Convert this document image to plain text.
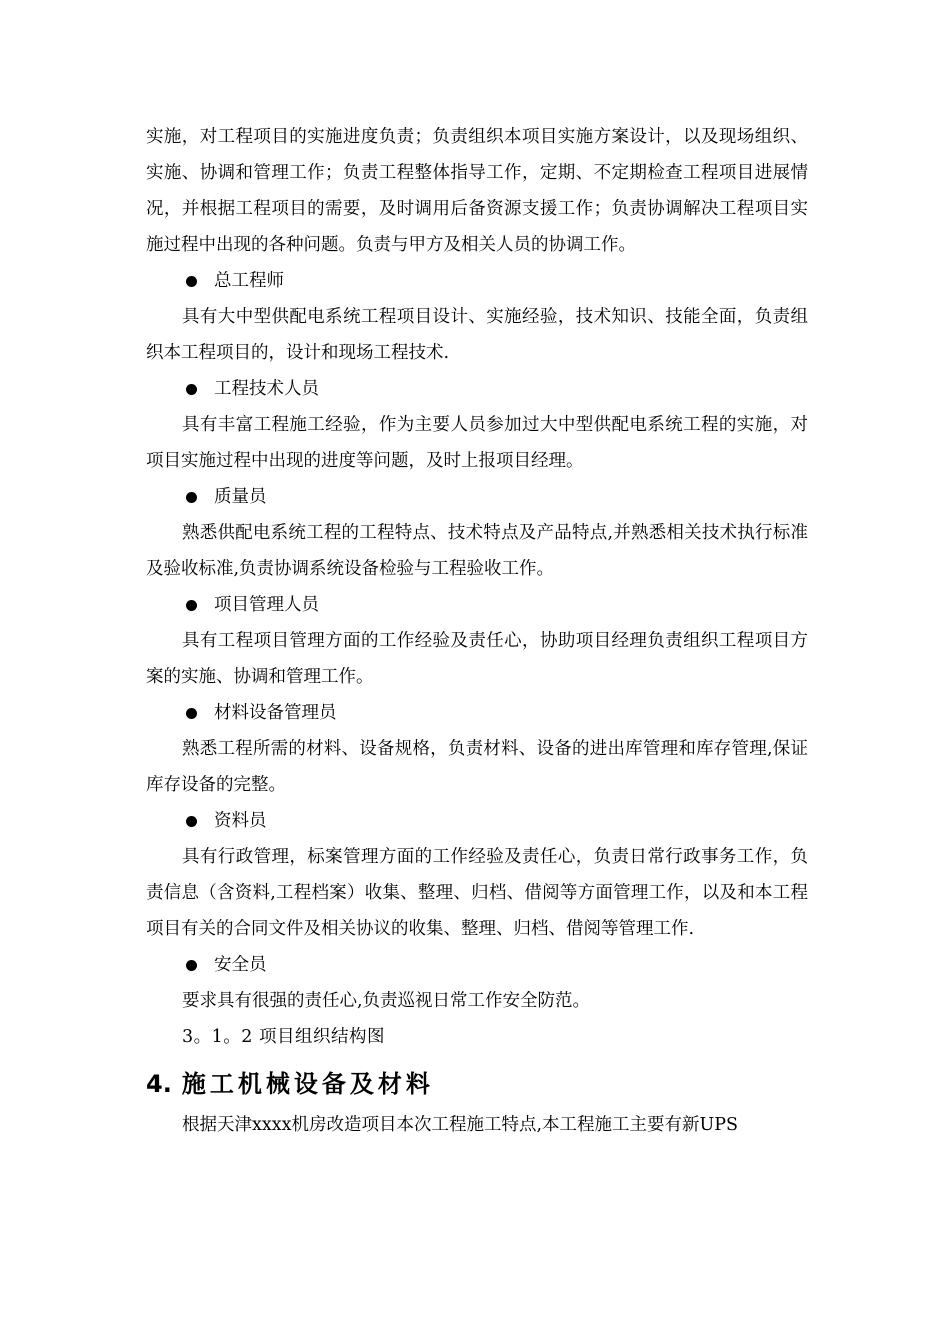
实施，对工程项目的实施进度负责；负责组织本项目实施方案设计，以及现场组织、实施、协调和管理工作；负责工程整体指导工作，定期、不定期检查工程项目进展情况，并根据工程项目的需要，及时调用后备资源支援工作；负责协调解决工程项目实施过程中出现的各种问题。负责与甲方及相关人员的协调工作。

总工程师

具有大中型供配电系统工程项目设计、实施经验，技术知识、技能全面，负责组织本工程项目的，设计和现场工程技术.

工程技术人员

具有丰富工程施工经验，作为主要人员参加过大中型供配电系统工程的实施，对项目实施过程中出现的进度等问题，及时上报项目经理。

质量员

熟悉供配电系统工程的工程特点、技术特点及产品特点,并熟悉相关技术执行标准及验收标准,负责协调系统设备检验与工程验收工作。

项目管理人员

具有工程项目管理方面的工作经验及责任心，协助项目经理负责组织工程项目方案的实施、协调和管理工作。

材料设备管理员

熟悉工程所需的材料、设备规格，负责材料、设备的进出库管理和库存管理,保证库存设备的完整。

资料员

具有行政管理，标案管理方面的工作经验及责任心，负责日常行政事务工作，负责信息（含资料,工程档案）收集、整理、归档、借阅等方面管理工作，以及和本工程项目有关的合同文件及相关协议的收集、整理、归档、借阅等管理工作.

安全员

要求具有很强的责任心,负责巡视日常工作安全防范。

3。1。2 项目组织结构图
4. 施工机械设备及材料

根据天津xxxx机房改造项目本次工程施工特点,本工程施工主要有新UPS
